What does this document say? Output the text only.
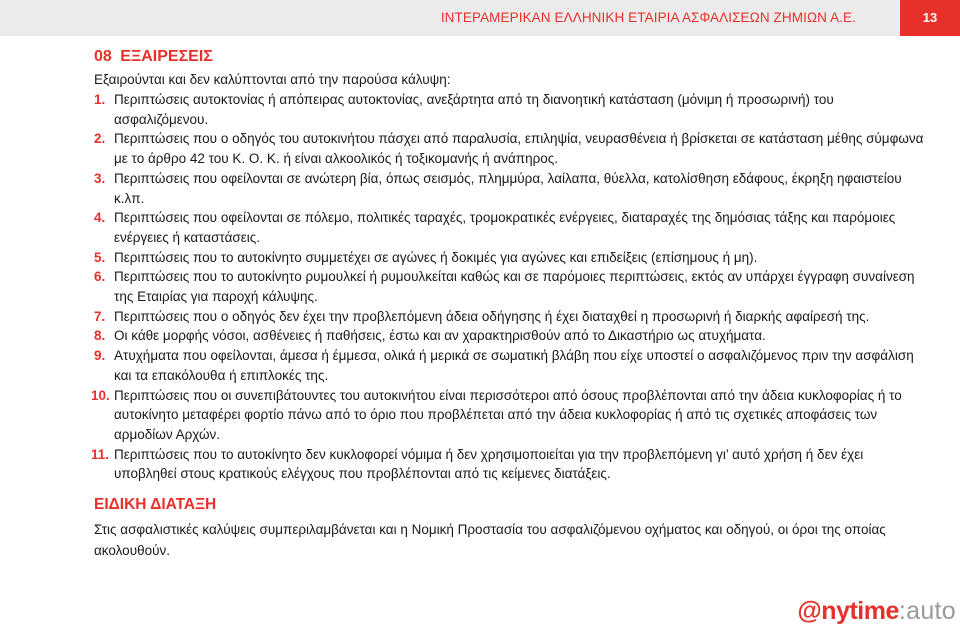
ΙΝΤΕΡΑΜΕΡΙΚΑΝ ΕΛΛΗΝΙΚΗ ΕΤΑΙΡΙΑ ΑΣΦΑΛΙΣΕΩΝ ΖΗΜΙΩΝ Α.Ε.	13
08 ΕΞΑΙΡΕΣΕΙΣ

Εξαιρούνται και δεν καλύπτονται από την παρούσα κάλυψη:

1. Περιπτώσεις αυτοκτονίας ή απόπειρας αυτοκτονίας, ανεξάρτητα από τη διανοητική κατάσταση (μόνιμη ή προσωρινή) του ασφαλιζόμενου.
2. Περιπτώσεις που ο οδηγός του αυτοκινήτου πάσχει από παραλυσία, επιληψία, νευρασθένεια ή βρίσκεται σε κατάσταση μέθης σύμφωνα με το άρθρο 42 του Κ. Ο. Κ. ή είναι αλκοολικός ή τοξικομανής ή ανάπηρος.
3. Περιπτώσεις που οφείλονται σε ανώτερη βία, όπως σεισμός, πλημμύρα, λαίλαπα, θύελλα, κατολίσθηση εδάφους, έκρηξη ηφαιστείου κ.λπ.
4. Περιπτώσεις που οφείλονται σε πόλεμο, πολιτικές ταραχές, τρομοκρατικές ενέργειες, διαταραχές της δημόσιας τάξης και παρόμοιες ενέργειες ή καταστάσεις.
5. Περιπτώσεις που το αυτοκίνητο συμμετέχει σε αγώνες ή δοκιμές για αγώνες και επιδείξεις (επίσημους ή μη).
6. Περιπτώσεις που το αυτοκίνητο ρυμουλκεί ή ρυμουλκείται καθώς και σε παρόμοιες περιπτώσεις, εκτός αν υπάρχει έγγραφη συναίνεση της Εταιρίας για παροχή κάλυψης.
7. Περιπτώσεις που ο οδηγός δεν έχει την προβλεπόμενη άδεια οδήγησης ή έχει διαταχθεί η προσωρινή ή διαρκής αφαίρεσή της.
8. Οι κάθε μορφής νόσοι, ασθένειες ή παθήσεις, έστω και αν χαρακτηρισθούν από το Δικαστήριο ως ατυχήματα.
9. Ατυχήματα που οφείλονται, άμεσα ή έμμεσα, ολικά ή μερικά σε σωματική βλάβη που είχε υποστεί ο ασφαλιζόμενος πριν την ασφάλιση και τα επακόλουθα ή επιπλοκές της.
10. Περιπτώσεις που οι συνεπιβάτουντες του αυτοκινήτου είναι περισσότεροι από όσους προβλέπονται από την άδεια κυκλοφορίας ή το αυτοκίνητο μεταφέρει φορτίο πάνω από το όριο που προβλέπεται από την άδεια κυκλοφορίας ή από τις σχετικές αποφάσεις των αρμοδίων Αρχών.
11. Περιπτώσεις που το αυτοκίνητο δεν κυκλοφορεί νόμιμα ή δεν χρησιμοποιείται για την προβλεπόμενη γι’ αυτό χρήση ή δεν έχει υποβληθεί στους κρατικούς ελέγχους που προβλέπονται από τις κείμενες διατάξεις.
ΕΙΔΙΚΗ ΔΙΑΤΑΞΗ

Στις ασφαλιστικές καλύψεις συμπεριλαμβάνεται και η Νομική Προστασία του ασφαλιζόμενου οχήματος και οδηγού, οι όροι της οποίας ακολουθούν.

@nytime:auto
